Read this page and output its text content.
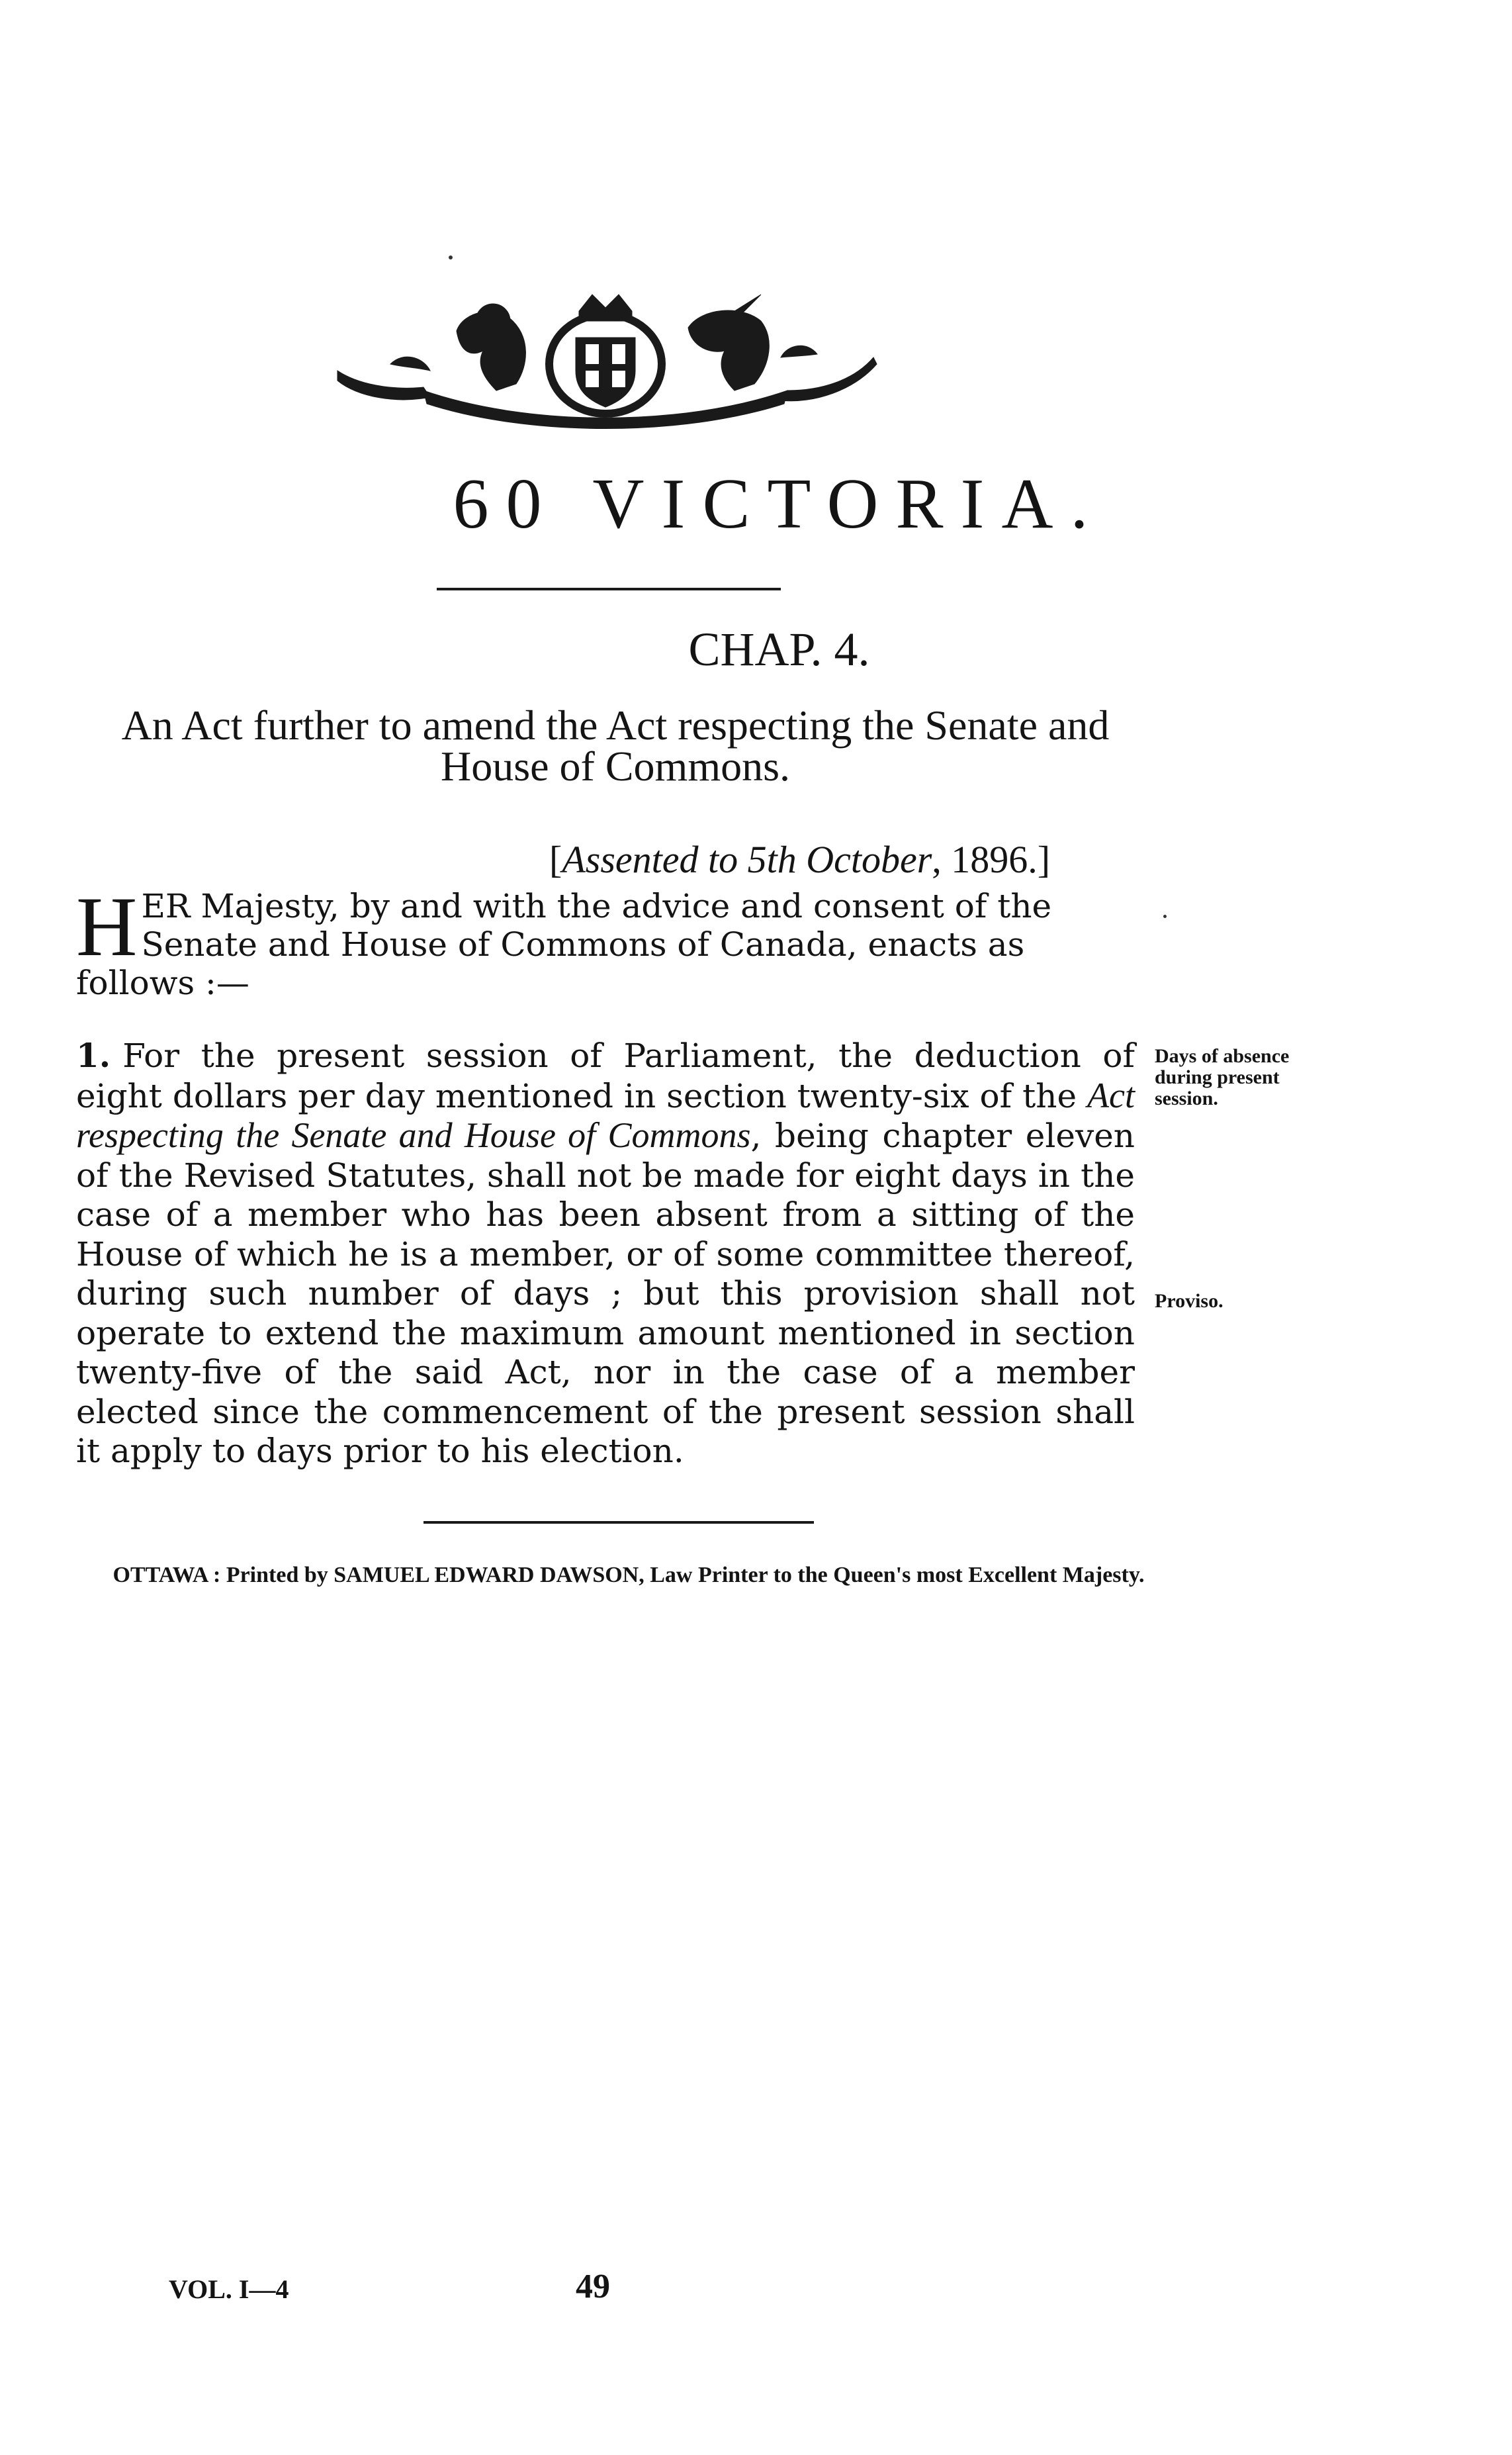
60 VICTORIA.
CHAP. 4.
An Act further to amend the Act respecting the Senate and House of Commons.
[Assented to 5th October, 1896.]
H ER Majesty, by and with the advice and consent of the Senate and House of Commons of Canada, enacts as follows :—
1. For the present session of Parliament, the deduction of eight dollars per day mentioned in section twenty-six of the Act respecting the Senate and House of Commons, being chapter eleven of the Revised Statutes, shall not be made for eight days in the case of a member who has been absent from a sitting of the House of which he is a member, or of some committee thereof, during such number of days ; but this provision shall not operate to extend the maximum amount mentioned in section twenty-five of the said Act, nor in the case of a member elected since the commencement of the present session shall it apply to days prior to his election.
Days of absence during present session.
Proviso.
OTTAWA : Printed by SAMUEL EDWARD DAWSON, Law Printer to the Queen's most Excellent Majesty.
VOL. I—4	49
